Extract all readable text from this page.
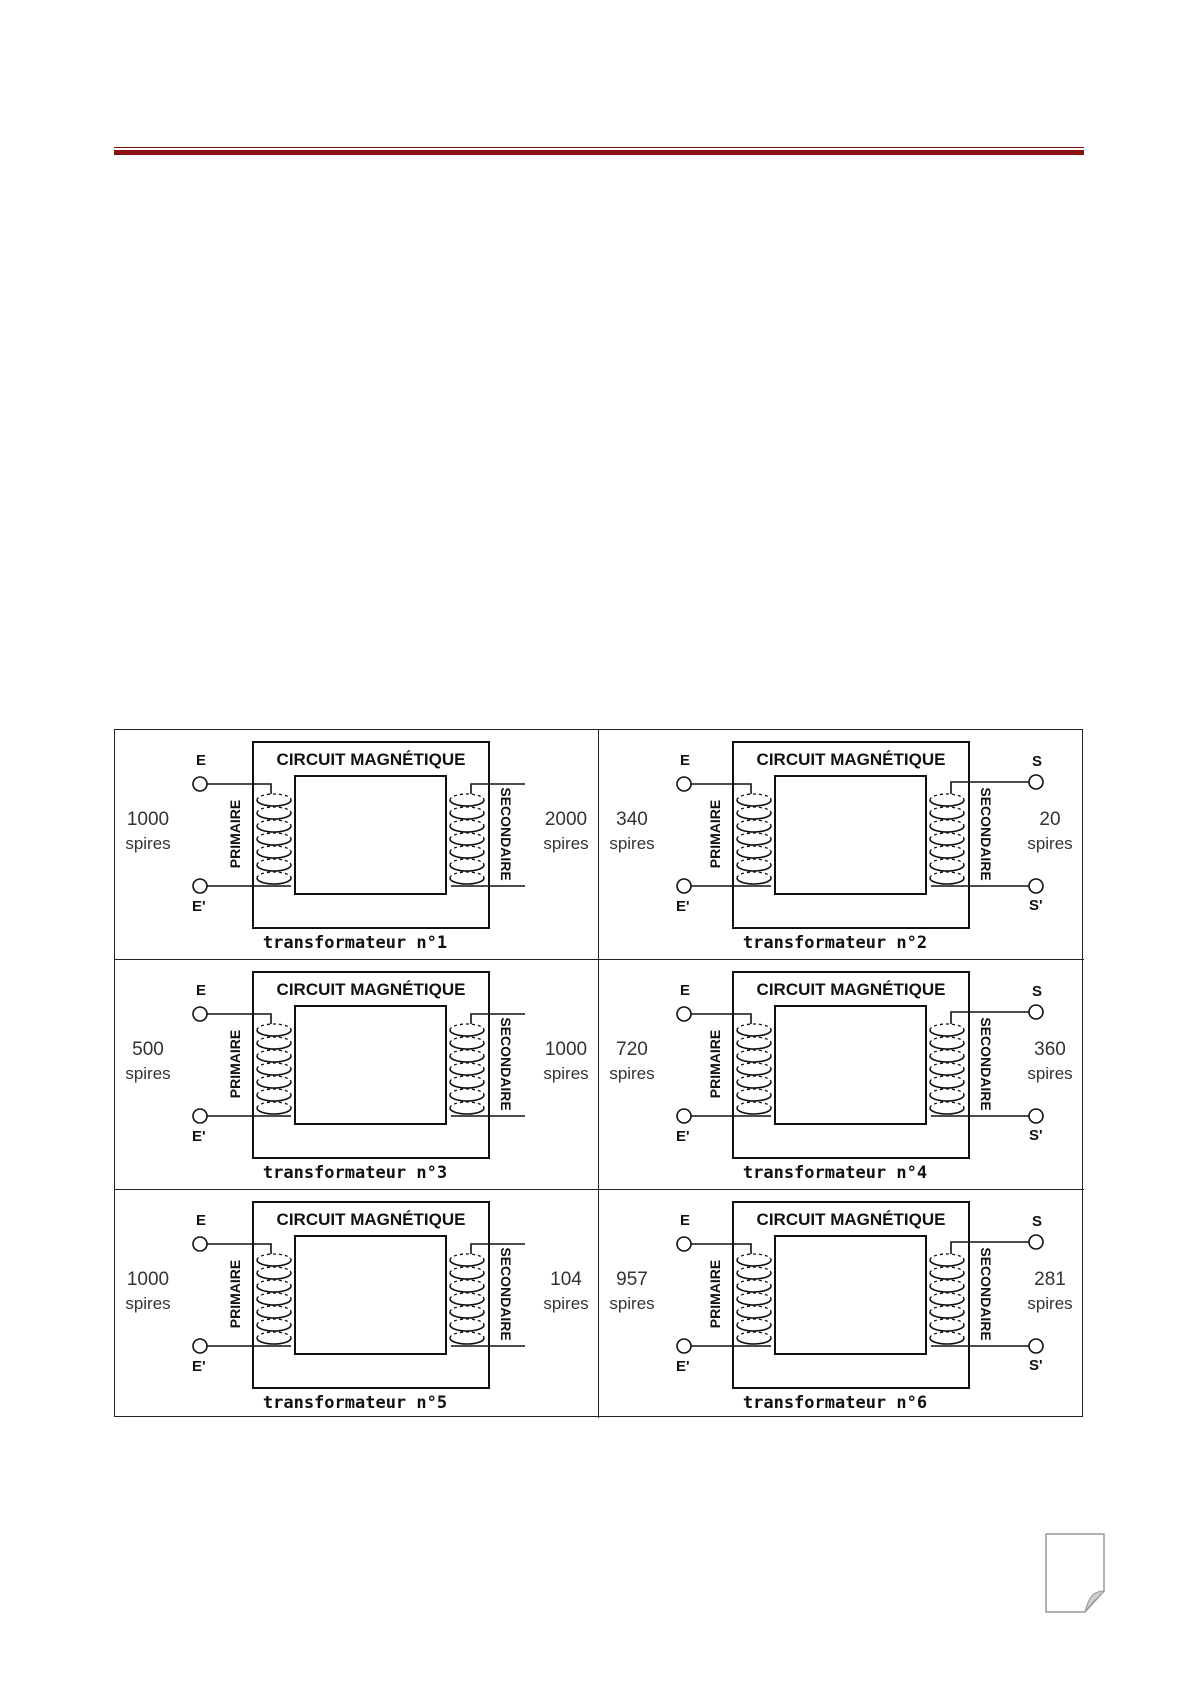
CIRCUIT MAGNÉTIQUE
E
E'
PRIMAIRE	SECONDAIRE
transformateur n°1
1000
spires
2000
spires
CIRCUIT MAGNÉTIQUE
E
E'
S
S'
PRIMAIRE	SECONDAIRE
transformateur n°2
340
spires
20
spires
CIRCUIT MAGNÉTIQUE
E
E'
PRIMAIRE	SECONDAIRE
transformateur n°3
500
spires
1000
spires
CIRCUIT MAGNÉTIQUE
E
E'
S
S'
PRIMAIRE	SECONDAIRE
transformateur n°4
720
spires
360
spires
CIRCUIT MAGNÉTIQUE
E
E'
PRIMAIRE	SECONDAIRE
transformateur n°5
1000
spires
104
spires
CIRCUIT MAGNÉTIQUE
E
E'
S
S'
PRIMAIRE	SECONDAIRE
transformateur n°6
957
spires
281
spires
